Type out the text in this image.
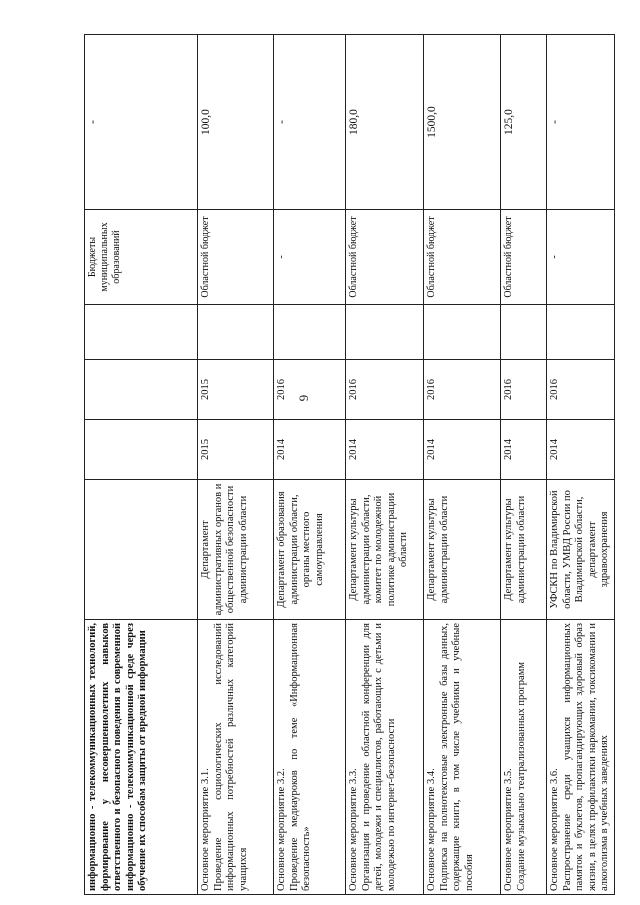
6
информационно - телекоммуникационных технологий, формирование у несовершеннолетних навыков ответственного и безопасного поведения в современной информационно - телекоммуникационной среде через обучение их способам защиты от вредной информации					Бюджеты муниципальных образований	-

Основное мероприятие 3.1. Проведение социологических исследований информационных потребностей различных категорий учащихся	Департамент административных органов и общественной безопасности администрации области	2015	2015		Областной бюджет	100,0

Основное мероприятие 3.2. Проведение медиауроков по теме «Информационная безопасность»	Департамент образования администрации области, органы местного самоуправления	2014	2016		-	-

Основное мероприятие 3.3. Организация и проведение областной конференции для детей, молодежи и специалистов, работающих с детьми и молодежью по интернет-безопасности	Департамент культуры администрации области, комитет по молодежной политике администрации области	2014	2016		Областной бюджет	180,0

Основное мероприятие 3.4. Подписка на полнотекстовые электронные базы данных, содержащие книги, в том числе учебники и учебные пособия	Департамент культуры администрации области	2014	2016		Областной бюджет	1500,0

Основное мероприятие 3.5. Создание музыкально театрализованных программ	Департамент культуры администрации области	2014	2016		Областной бюджет	125,0

Основное мероприятие 3.6. Распространение среди учащихся информационных памяток и буклетов, пропагандирующих здоровый образ жизни, в целях профилактики наркомании, токсикомании и алкоголизма в учебных заведениях	УФСКН по Владимирской области, УМВД России по Владимирской области, департамент здравоохранения	2014	2016		-	-
